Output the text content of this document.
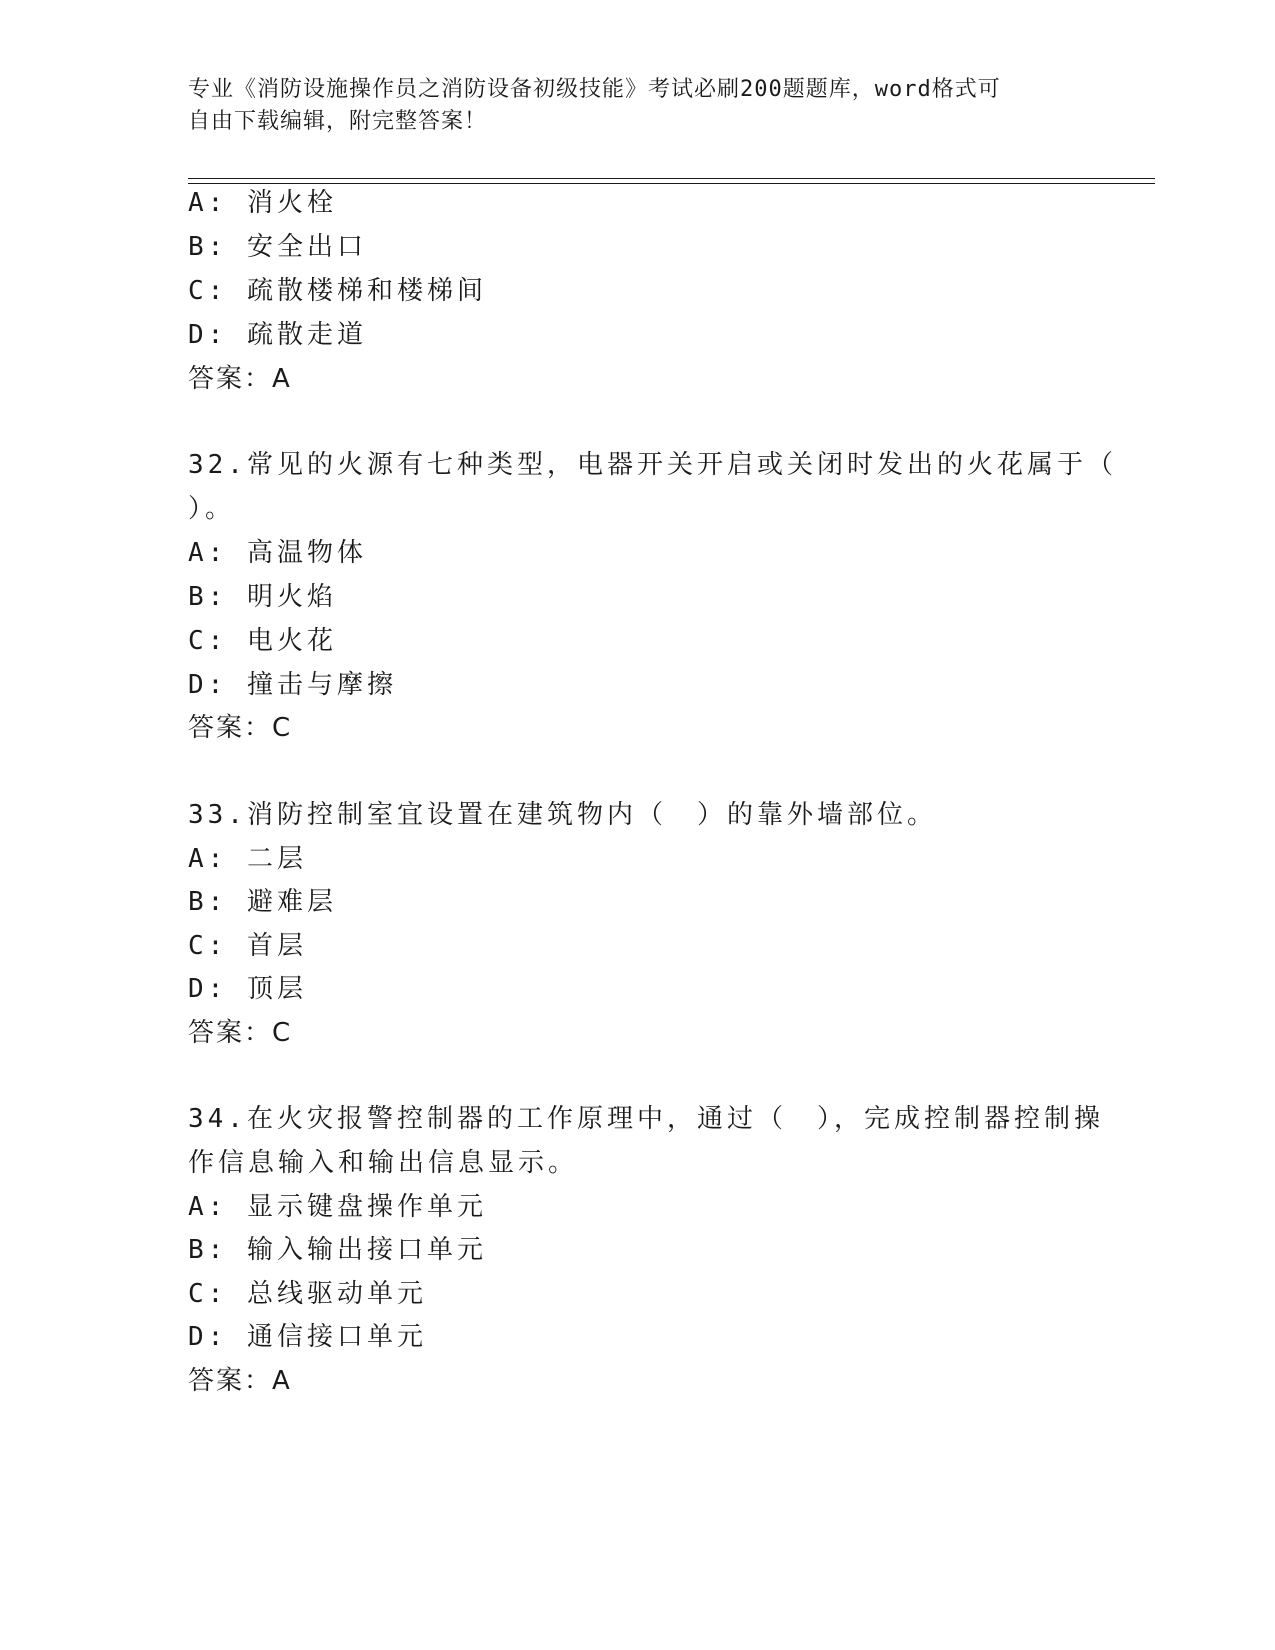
专业《消防设施操作员之消防设备初级技能》考试必刷200题题库，word格式可
自由下载编辑，附完整答案！
A: 消火栓
B: 安全出口
C: 疏散楼梯和楼梯间
D: 疏散走道
答案：A
32.常见的火源有七种类型，电器开关开启或关闭时发出的火花属于（
）。
A: 高温物体
B: 明火焰
C: 电火花
D: 撞击与摩擦
答案：C
33.消防控制室宜设置在建筑物内（　）的靠外墙部位。
A: 二层
B: 避难层
C: 首层
D: 顶层
答案：C
34.在火灾报警控制器的工作原理中，通过（　），完成控制器控制操
作信息输入和输出信息显示。
A: 显示键盘操作单元
B: 输入输出接口单元
C: 总线驱动单元
D: 通信接口单元
答案：A
